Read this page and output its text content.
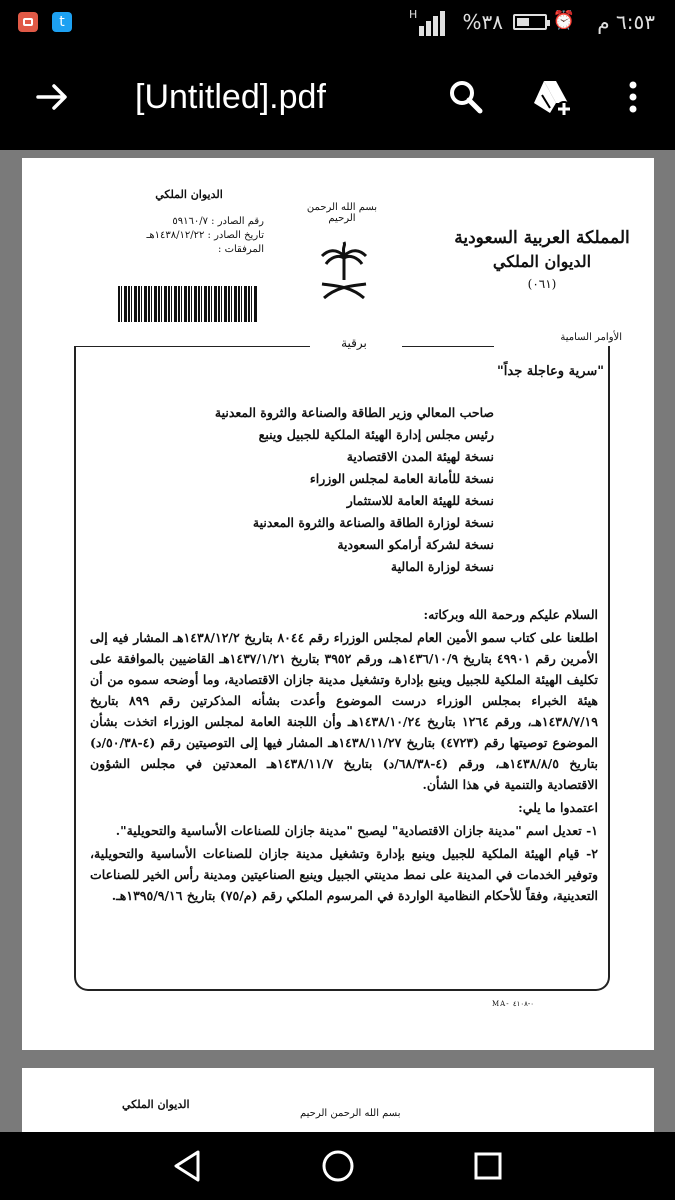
t	H %٣٨	⏰ ٦:٥٣ م
[Untitled].pdf
الديوان الملكي
رقم الصادر : ٥٩١٦٠/٧
تاريخ الصادر : ١٤٣٨/١٢/٢٢هـ
المرفقات :
بسم الله الرحمن الرحيم
المملكة العربية السعودية
الديوان الملكي
(٠٦١)
برقية	الأوامر السامية
"سرية وعاجلة جداً"
صاحب المعالي وزير الطاقة والصناعة والثروة المعدنية
رئيس مجلس إدارة الهيئة الملكية للجبيل وينبع
نسخة لهيئة المدن الاقتصادية
نسخة للأمانة العامة لمجلس الوزراء
نسخة للهيئة العامة للاستثمار
نسخة لوزارة الطاقة والصناعة والثروة المعدنية
نسخة لشركة أرامكو السعودية
نسخة لوزارة المالية

السلام عليكم ورحمة الله وبركاته:

اطلعنا على كتاب سمو الأمين العام لمجلس الوزراء رقم ٨٠٤٤ بتاريخ ١٤٣٨/١٢/٢هـ المشار فيه إلى الأمرين رقم ٤٩٩٠١ بتاريخ ١٤٣٦/١٠/٩هـ، ورقم ٣٩٥٢ بتاريخ ١٤٣٧/١/٢١هـ القاضيين بالموافقة على تكليف الهيئة الملكية للجبيل وينبع بإدارة وتشغيل مدينة جازان الاقتصادية، وما أوضحه سموه من أن هيئة الخبراء بمجلس الوزراء درست الموضوع وأعدت بشأنه المذكرتين رقم ٨٩٩ بتاريخ ١٤٣٨/٧/١٩هـ، ورقم ١٢٦٤ بتاريخ ١٤٣٨/١٠/٢٤هـ وأن اللجنة العامة لمجلس الوزراء اتخذت بشأن الموضوع توصيتها رقم (٤٧٢٣) بتاريخ ١٤٣٨/١١/٢٧هـ المشار فيها إلى التوصيتين رقم (٤-٥٠/٣٨/د) بتاريخ ١٤٣٨/٨/٥هـ، ورقم (٤-٦٨/٣٨/د) بتاريخ ١٤٣٨/١١/٧هـ المعدتين في مجلس الشؤون الاقتصادية والتنمية في هذا الشأن.

اعتمدوا ما يلي:

١- تعديل اسم "مدينة جازان الاقتصادية" ليصبح "مدينة جازان للصناعات الأساسية والتحويلية".

٢- قيام الهيئة الملكية للجبيل وينبع بإدارة وتشغيل مدينة جازان للصناعات الأساسية والتحويلية، وتوفير الخدمات في المدينة على نمط مدينتي الجبيل وينبع الصناعيتين ومدينة رأس الخير للصناعات التعدينية، وفقاً للأحكام النظامية الواردة في المرسوم الملكي رقم (م/٧٥) بتاريخ ١٣٩٥/٩/١٦هـ.

MA- ٠-٤١٠٨
الديوان الملكي
بسم الله الرحمن الرحيم
